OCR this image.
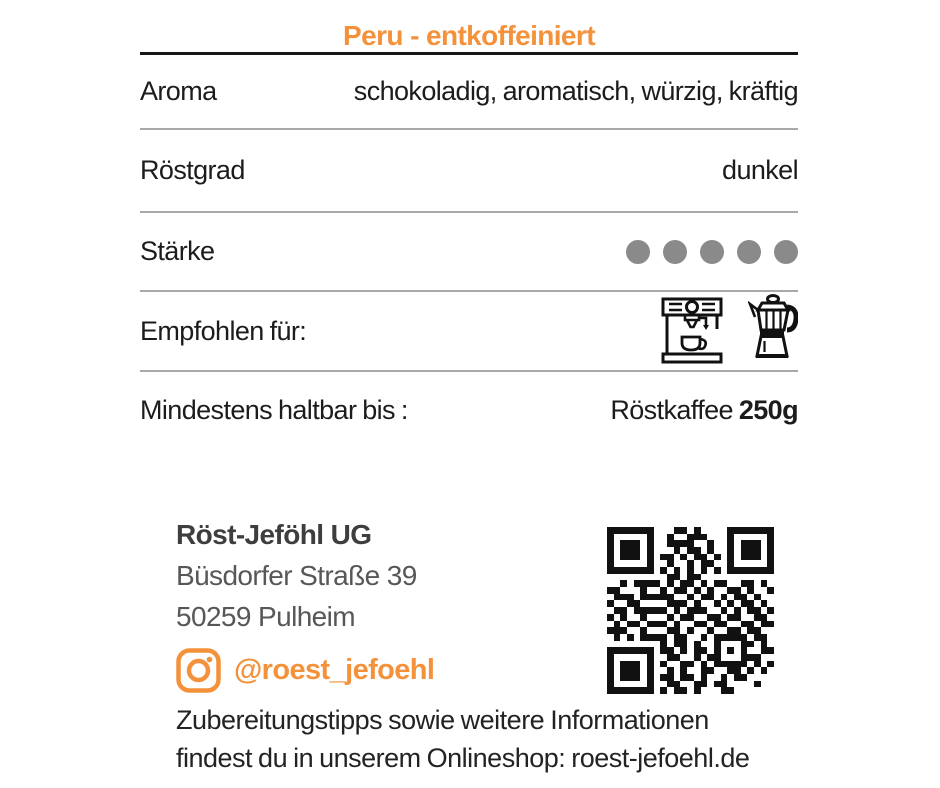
Peru - entkoffeiniert
Aroma	schokoladig, aromatisch, würzig, kräftig
Röstgrad	dunkel
Stärke
Empfohlen für:
Mindestens haltbar bis :	Röstkaffee 250g
Röst-Jeföhl UG
Büsdorfer Straße 39
50259 Pulheim
@roest_jefoehl
Zubereitungstipps sowie weitere Informationen
findest du in unserem Onlineshop: roest-jefoehl.de
